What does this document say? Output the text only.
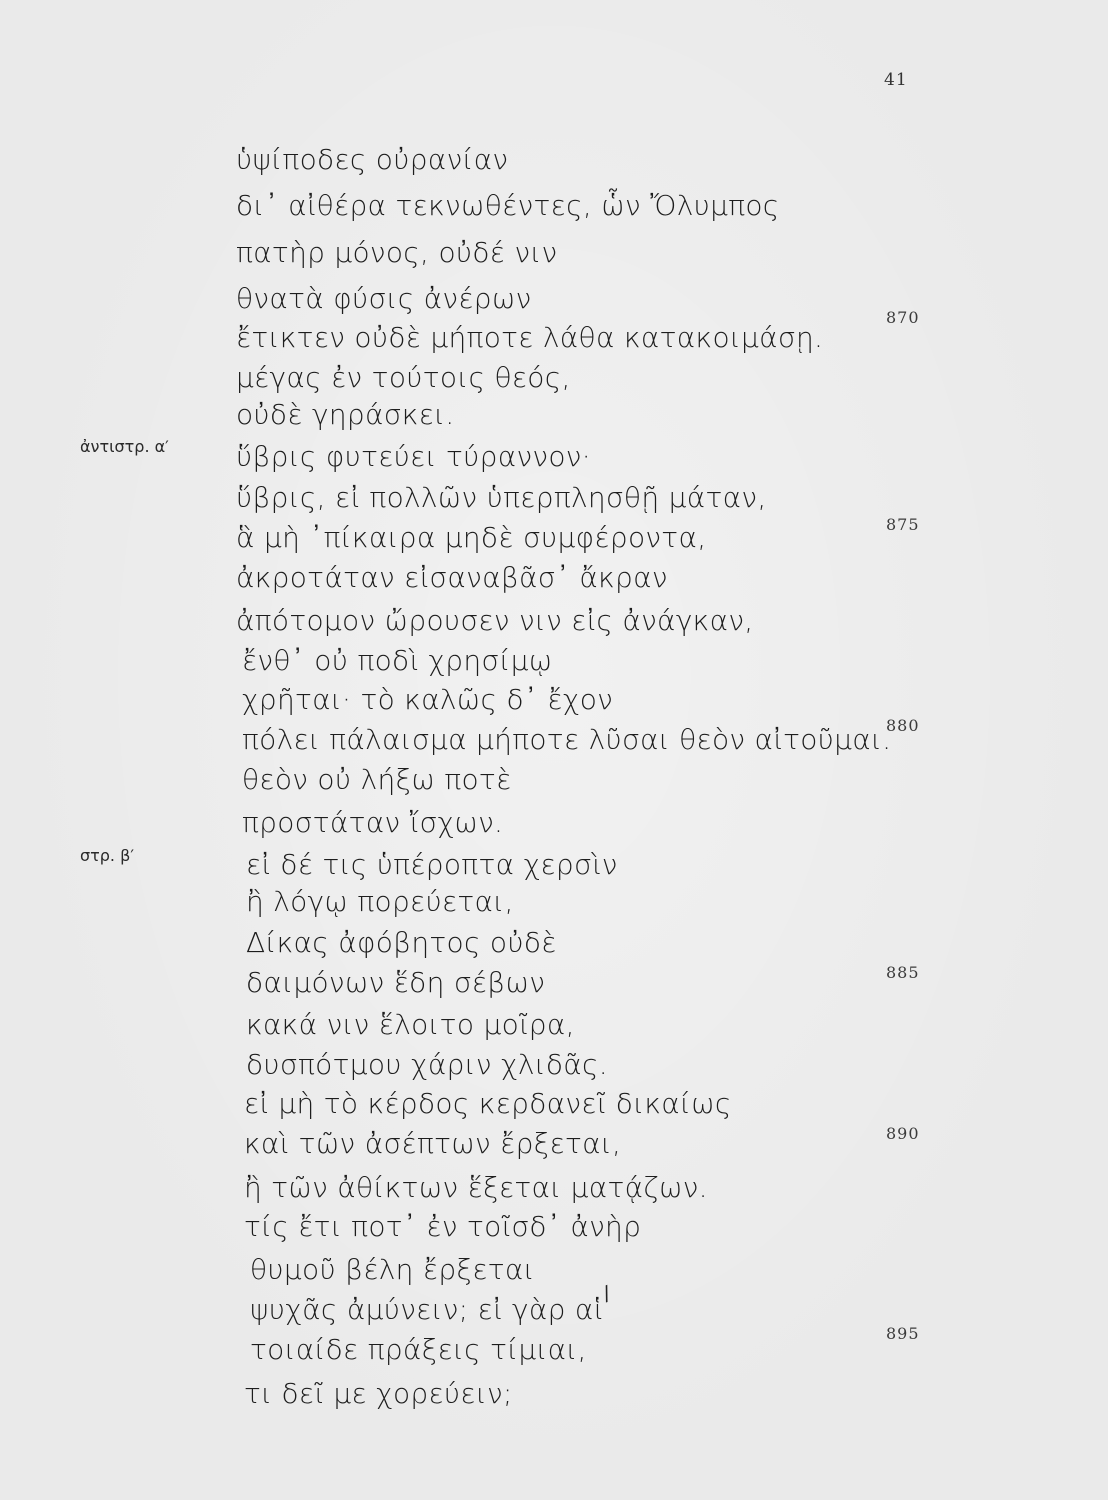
41
ὑψίποδες οὐρανίαν
δι᾽ αἰθέρα τεκνωθέντες, ὧν Ὄλυμπος
πατὴρ μόνος, οὐδέ νιν
θνατὰ φύσις ἀνέρων
ἔτικτεν οὐδὲ μήποτε λάθα κατακοιμάσῃ.
870
μέγας ἐν τούτοις θεός,
οὐδὲ γηράσκει.
ὕβρις φυτεύει τύραννον·
ἀντιστρ. α′
ὕβρις, εἰ πολλῶν ὑπερπλησθῇ μάταν,
ἃ μὴ ᾽πίκαιρα μηδὲ συμφέροντα,	875
ἀκροτάταν εἰσαναβᾶσ᾽ ἄκραν
ἀπότομον ὤρουσεν νιν εἰς ἀνάγκαν,
ἔνθ᾽ οὐ ποδὶ χρησίμῳ
χρῆται· τὸ καλῶς δ᾽ ἔχον
πόλει πάλαισμα μήποτε λῦσαι θεὸν αἰτοῦμαι.
880
θεὸν οὐ λήξω ποτὲ
προστάταν ἴσχων.
εἰ δέ τις ὑπέροπτα χερσὶν
στρ. β′
ἢ λόγῳ πορεύεται,
Δίκας ἀφόβητος οὐδὲ
δαιμόνων ἕδη σέβων	885
κακά νιν ἕλοιτο μοῖρα,
δυσπότμου χάριν χλιδᾶς.
εἰ μὴ τὸ κέρδος κερδανεῖ δικαίως
καὶ τῶν ἀσέπτων ἔρξεται,	890
ἢ τῶν ἀθίκτων ἕξεται ματᾴζων.
τίς ἔτι ποτ᾽ ἐν τοῖσδ᾽ ἀνὴρ
θυμοῦ βέλη ἔρξεται
ψυχᾶς ἀμύνειν; εἰ γὰρ αἱ
τοιαίδε πράξεις τίμιαι,	895
τι δεῖ με χορεύειν;
/
